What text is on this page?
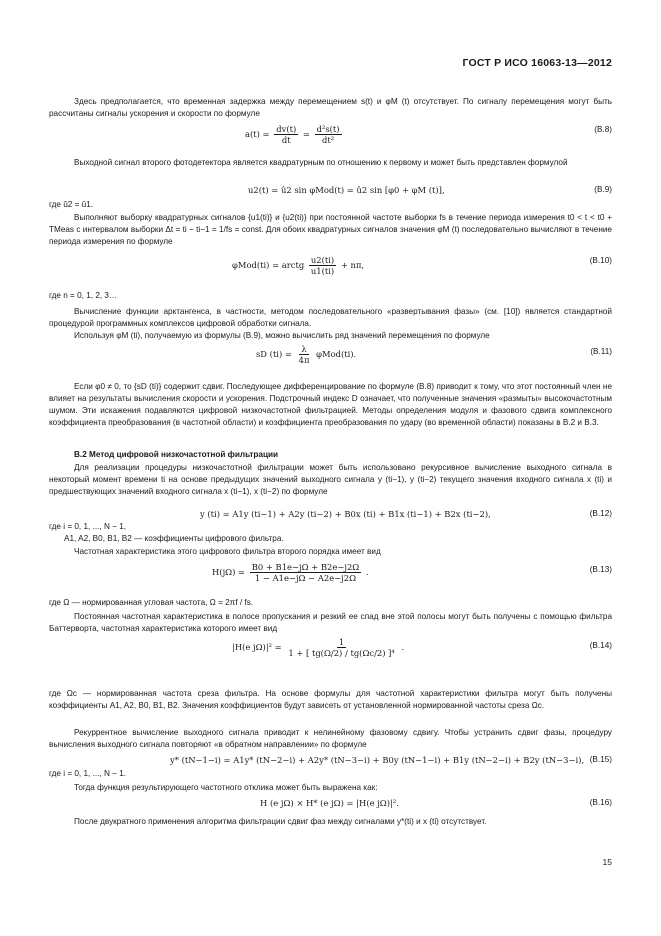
ГОСТ Р ИСО 16063-13—2012

Здесь предполагается, что временная задержка между перемещением s(t) и φM (t) отсутствует. По сигналу перемещения могут быть рассчитаны сигналы ускорения и скорости по формуле

$a(t) = \frac{dv(t)}{dt} = \frac{\text{d²s(t)}}{\text{dt²}}$	(В.8)

Выходной сигнал второго фотодетектора является квадратурным по отношению к первому и может быть представлен формулой

u2(t) = û2 sin φMod(t) = û2 sin [φ0 + φM (t)],	(В.9)

где û2 = û1.

Выполняют выборку квадратурных сигналов {u1(ti)} и {u2(ti)} при постоянной частоте выборки fs в течение периода измерения t0 < t < t0 + TMeas с интервалом выборки Δt = ti − ti−1 = 1/fs = const. Для обоих квадратурных сигналов значения φM (t) последовательно вычисляют в течение периода измерения по формуле

φMod(ti) = arctg $\frac{u2(ti)}{u1(ti)} + n\pi$,	(В.10)

где n = 0, 1, 2, 3…

Вычисление функции арктангенса, в частности, методом последовательного «развертывания фазы» (см. [10]) является стандартной процедурой программных комплексов цифровой обработки сигнала.

Используя φM (ti), получаемую из формулы (В.9), можно вычислить ряд значений перемещения по формуле

sD $(ti) = \frac{\lambda}{4\pi} \varphi Mod(ti)$.	(В.11)

Если φ0 ≠ 0, то {sD (ti)} содержит сдвиг. Последующее дифференцирование по формуле (В.8) приводит к тому, что этот постоянный член не влияет на результаты вычисления скорости и ускорения. Подстрочный индекс D означает, что полученные значения «размыты» высокочастотным шумом. Эти искажения подавляются цифровой низкочастотной фильтрацией. Методы определения модуля и фазового сдвига комплексного коэффициента преобразования (в частотной области) и коэффициента преобразования по удару (во временной области) показаны в В.2 и В.3.

В.2 Метод цифровой низкочастотной фильтрации

Для реализации процедуры низкочастотной фильтрации может быть использовано рекурсивное вычисление выходного сигнала в некоторый момент времени ti на основе предыдущих значений выходного сигнала y (ti−1), y (ti−2) текущего значения входного сигнала x (ti) и предшествующих значений входного сигнала x (ti−1), x (ti−2) по формуле

y (ti) = A1y (ti−1) + A2y (ti−2) + B0x (ti) + B1x (ti−1) + B2x (ti−2),	(В.12)

где i = 0, 1, ..., N − 1,

A1, A2, B0, B1, B2 — коэффициенты цифрового фильтра.

Частотная характеристика этого цифрового фильтра второго порядка имеет вид

$H(j\Omega) = \frac{B0 + B1e-j\Omega + B2e-j2\Omega}{1 - A1e-j\Omega - A2e-j2\Omega}$ .	(В.13)

где Ω — нормированная угловая частота, Ω = 2πf / fs.

Постоянная частотная характеристика в полосе пропускания и резкий ее спад вне этой полосы могут быть получены с помощью фильтра Баттерворта, частотная характеристика которого имеет вид

|H(e $j\Omega)|^2 = \frac{1}{\text{1 + [ tg(Ω/2) / tg(Ωc/2) ]⁴}}$ .	(В.14)

где Ωc — нормированная частота среза фильтра. На основе формулы для частотной характеристики фильтра могут быть получены коэффициенты A1, A2, B0, B1, B2. Значения коэффициентов будут зависеть от установленной нормированной частоты среза Ωc.

Рекуррентное вычисление выходного сигнала приводит к нелинейному фазовому сдвигу. Чтобы устранить сдвиг фазы, процедуру вычисления выходного сигнала повторяют «в обратном направлении» по формуле

y* (tN−1−i) = A1y* (tN−2−i) + A2y* (tN−3−i) + B0y (tN−1−i) + B1y (tN−2−i) + B2y (tN−3−i), (В.15)

где i = 0, 1, ..., N − 1.

Тогда функция результирующего частотного отклика может быть выражена как:

H (e jΩ) × H* (e jΩ) = |H(e jΩ)|².	(В.16)

После двукратного применения алгоритма фильтрации сдвиг фаз между сигналами y*(ti) и x (ti) отсутствует.

15
